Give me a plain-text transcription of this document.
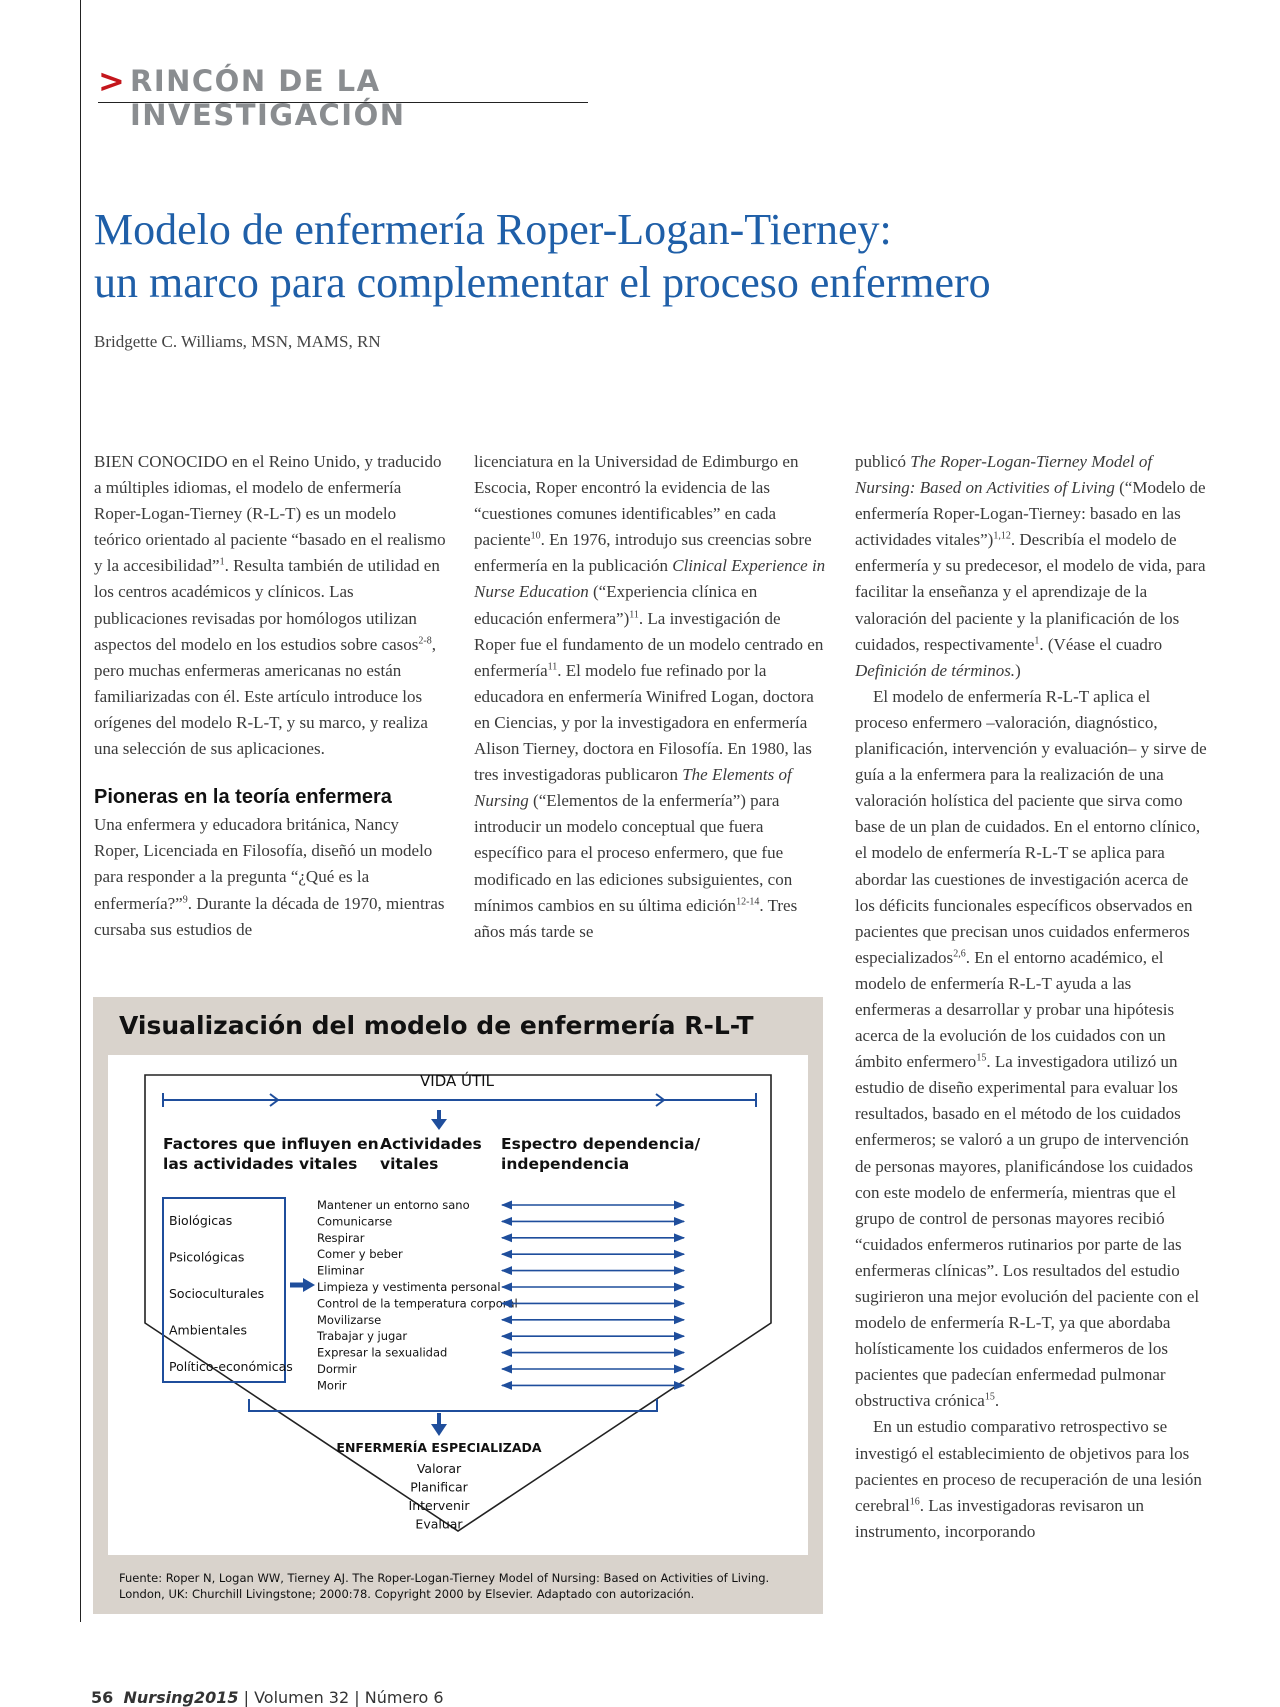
> RINCÓN DE LA INVESTIGACIÓN
Modelo de enfermería Roper-Logan-Tierney:
un marco para complementar el proceso enfermero
Bridgette C. Williams, MSN, MAMS, RN

BIEN CONOCIDO en el Reino Unido, y traducido a múltiples idiomas, el modelo de enfermería Roper-Logan-Tierney (R-L-T) es un modelo teórico orientado al paciente “basado en el realismo y la accesibilidad”$^1$. Resulta también de utilidad en los centros académicos y clínicos. Las publicaciones revisadas por homólogos utilizan aspectos del modelo en los estudios sobre casos$^{2-8}$, pero muchas enfermeras americanas no están familiarizadas con él. Este artículo introduce los orígenes del modelo R-L-T, y su marco, y realiza una selección de sus aplicaciones.

Pioneras en la teoría enfermera

Una enfermera y educadora británica, Nancy Roper, Licenciada en Filosofía, diseñó un modelo para responder a la pregunta “¿Qué es la enfermería?”$^9$. Durante la década de 1970, mientras cursaba sus estudios de

licenciatura en la Universidad de Edimburgo en Escocia, Roper encontró la evidencia de las “cuestiones comunes identificables” en cada paciente$^{10}$. En 1976, introdujo sus creencias sobre enfermería en la publicación Clinical Experience in Nurse Education (“Experiencia clínica en educación enfermera”)$^{11}$. La investigación de Roper fue el fundamento de un modelo centrado en enfermería$^{11}$. El modelo fue refinado por la educadora en enfermería Winifred Logan, doctora en Ciencias, y por la investigadora en enfermería Alison Tierney, doctora en Filosofía. En 1980, las tres investigadoras publicaron The Elements of Nursing (“Elementos de la enfermería”) para introducir un modelo conceptual que fuera específico para el proceso enfermero, que fue modificado en las ediciones subsiguientes, con mínimos cambios en su última edición$^{12-14}$. Tres años más tarde se

publicó The Roper-Logan-Tierney Model of Nursing: Based on Activities of Living (“Modelo de enfermería Roper-Logan-Tierney: basado en las actividades vitales”)$^{1,12}$. Describía el modelo de enfermería y su predecesor, el modelo de vida, para facilitar la enseñanza y el aprendizaje de la valoración del paciente y la planificación de los cuidados, respectivamente$^1$. (Véase el cuadro Definición de términos.)

El modelo de enfermería R-L-T aplica el proceso enfermero –valoración, diagnóstico, planificación, intervención y evaluación– y sirve de guía a la enfermera para la realización de una valoración holística del paciente que sirva como base de un plan de cuidados. En el entorno clínico, el modelo de enfermería R-L-T se aplica para abordar las cuestiones de investigación acerca de los déficits funcionales específicos observados en pacientes que precisan unos cuidados enfermeros especializados$^{2,6}$. En el entorno académico, el modelo de enfermería R-L-T ayuda a las enfermeras a desarrollar y probar una hipótesis acerca de la evolución de los cuidados con un ámbito enfermero$^{15}$. La investigadora utilizó un estudio de diseño experimental para evaluar los resultados, basado en el método de los cuidados enfermeros; se valoró a un grupo de intervención de personas mayores, planificándose los cuidados con este modelo de enfermería, mientras que el grupo de control de personas mayores recibió “cuidados enfermeros rutinarios por parte de las enfermeras clínicas”. Los resultados del estudio sugirieron una mejor evolución del paciente con el modelo de enfermería R-L-T, ya que abordaba holísticamente los cuidados enfermeros de los pacientes que padecían enfermedad pulmonar obstructiva crónica$^{15}$.

En un estudio comparativo retrospectivo se investigó el establecimiento de objetivos para los pacientes en proceso de recuperación de una lesión cerebral$^{16}$. Las investigadoras revisaron un instrumento, incorporando

Visualización del modelo de enfermería R-L-T
VIDA ÚTIL
Factores que influyen en las actividades vitales
Actividades vitales
Espectro dependencia/ independencia
Biológicas
Psicológicas
Socioculturales
Ambientales
Político-económicas
Mantener un entorno sano
Comunicarse
Respirar
Comer y beber
Eliminar
Limpieza y vestimenta personal
Control de la temperatura corporal
Movilizarse
Trabajar y jugar
Expresar la sexualidad
Dormir
Morir
ENFERMERÍA ESPECIALIZADA
Valorar
Planificar
Intervenir
Evaluar
Fuente: Roper N, Logan WW, Tierney AJ. The Roper-Logan-Tierney Model of Nursing: Based on Activities of Living. London, UK: Churchill Livingstone; 2000:78. Copyright 2000 by Elsevier. Adaptado con autorización.
56 Nursing2015 | Volumen 32 | Número 6
